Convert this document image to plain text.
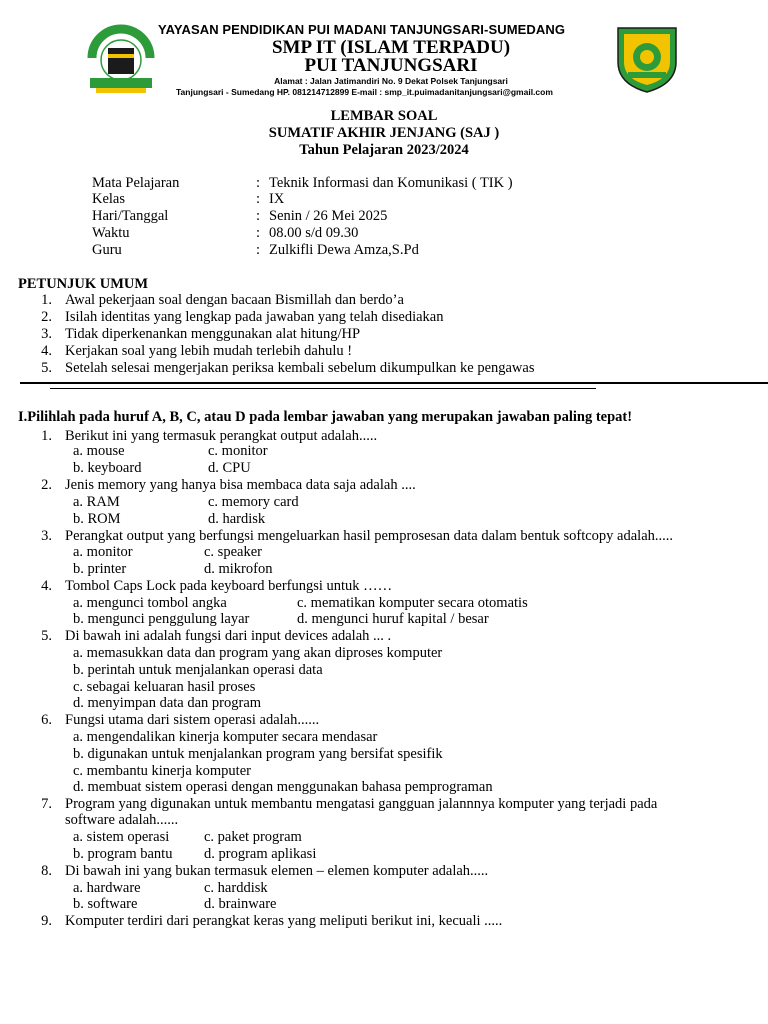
YAYASAN PENDIDIKAN PUI MADANI TANJUNGSARI-SUMEDANG
SMP IT (ISLAM TERPADU)
PUI TANJUNGSARI
Alamat : Jalan Jatimandiri No. 9 Dekat Polsek Tanjungsari
Tanjungsari - Sumedang HP. 081214712899 E-mail : smp_it.puimadanitanjungsari@gmail.com
LEMBAR SOAL
SUMATIF AKHIR JENJANG (SAJ )
Tahun Pelajaran 2023/2024
Mata Pelajaran	: Teknik Informasi dan Komunikasi ( TIK )
Kelas	: IX
Hari/Tanggal	: Senin / 26 Mei 2025
Waktu	: 08.00 s/d 09.30
Guru	: Zulkifli Dewa Amza,S.Pd
PETUNJUK UMUM
1. Awal pekerjaan soal dengan bacaan Bismillah dan berdo’a
2. Isilah identitas yang lengkap pada jawaban yang telah disediakan
3. Tidak diperkenankan menggunakan alat hitung/HP
4. Kerjakan soal yang lebih mudah terlebih dahulu !
5. Setelah selesai mengerjakan periksa kembali sebelum dikumpulkan ke pengawas
I.Pilihlah pada huruf A, B, C, atau D pada lembar jawaban yang merupakan jawaban paling tepat!
1. Berikut ini yang termasuk perangkat output adalah.....
a. mouse	c. monitor
b. keyboard	d. CPU
2. Jenis memory yang hanya bisa membaca data saja adalah ....
a. RAM	c. memory card
b. ROM	d. hardisk
3. Perangkat output yang berfungsi mengeluarkan hasil pemprosesan data dalam bentuk softcopy adalah.....
a. monitor	c. speaker
b. printer	d. mikrofon
4. Tombol Caps Lock pada keyboard berfungsi untuk ……
a. mengunci tombol angka	c. mematikan komputer secara otomatis
b. mengunci penggulung layar	d. mengunci huruf kapital / besar
5. Di bawah ini adalah fungsi dari input devices adalah ... .
a. memasukkan data dan program yang akan diproses komputer
b. perintah untuk menjalankan operasi data
c. sebagai keluaran hasil proses
d. menyimpan data dan program
6. Fungsi utama dari sistem operasi adalah......
a. mengendalikan kinerja komputer secara mendasar
b. digunakan untuk menjalankan program yang bersifat spesifik
c. membantu kinerja komputer
d. membuat sistem operasi dengan menggunakan bahasa pemprograman
7. Program yang digunakan untuk membantu mengatasi gangguan jalannnya komputer yang terjadi pada
software adalah......
a. sistem operasi c. paket program
b. program bantu d. program aplikasi
8. Di bawah ini yang bukan termasuk elemen – elemen komputer adalah.....
a. hardware	c. harddisk
b. software	d. brainware
9. Komputer terdiri dari perangkat keras yang meliputi berikut ini, kecuali .....
